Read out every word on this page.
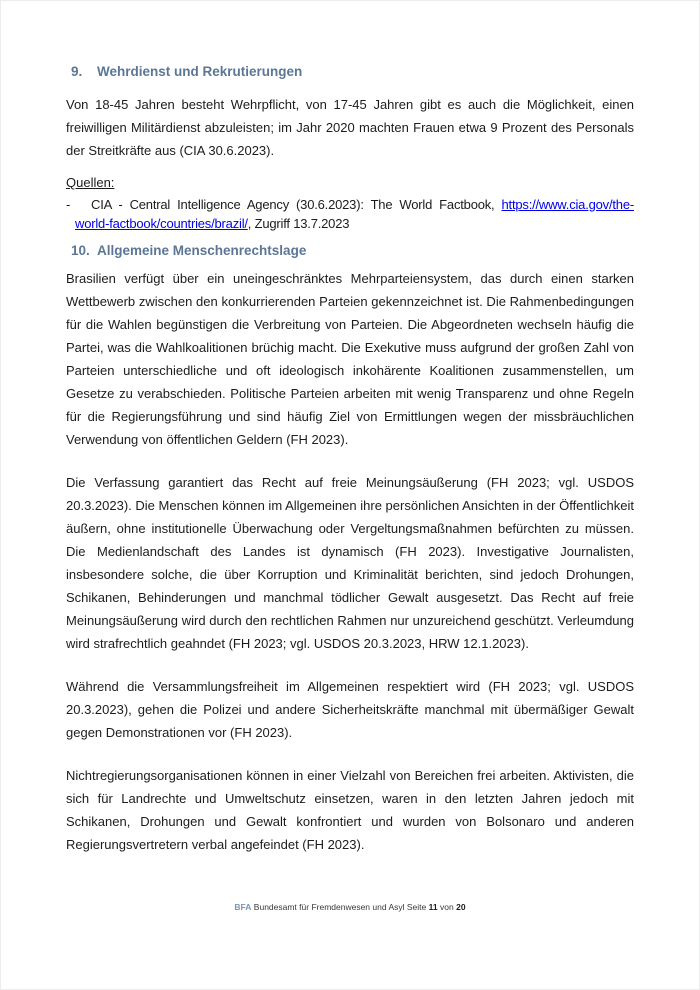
9. Wehrdienst und Rekrutierungen

Von 18-45 Jahren besteht Wehrpflicht, von 17-45 Jahren gibt es auch die Möglichkeit, einen freiwilligen Militärdienst abzuleisten; im Jahr 2020 machten Frauen etwa 9 Prozent des Personals der Streitkräfte aus (CIA 30.6.2023).

Quellen:
- CIA - Central Intelligence Agency (30.6.2023): The World Factbook, https://www.cia.gov/the-world-factbook/countries/brazil/, Zugriff 13.7.2023
10. Allgemeine Menschenrechtslage

Brasilien verfügt über ein uneingeschränktes Mehrparteiensystem, das durch einen starken Wettbewerb zwischen den konkurrierenden Parteien gekennzeichnet ist. Die Rahmenbedingungen für die Wahlen begünstigen die Verbreitung von Parteien. Die Abgeordneten wechseln häufig die Partei, was die Wahlkoalitionen brüchig macht. Die Exekutive muss aufgrund der großen Zahl von Parteien unterschiedliche und oft ideologisch inkohärente Koalitionen zusammenstellen, um Gesetze zu verabschieden. Politische Parteien arbeiten mit wenig Transparenz und ohne Regeln für die Regierungsführung und sind häufig Ziel von Ermittlungen wegen der missbräuchlichen Verwendung von öffentlichen Geldern (FH 2023).

Die Verfassung garantiert das Recht auf freie Meinungsäußerung (FH 2023; vgl. USDOS 20.3.2023). Die Menschen können im Allgemeinen ihre persönlichen Ansichten in der Öffentlichkeit äußern, ohne institutionelle Überwachung oder Vergeltungsmaßnahmen befürchten zu müssen. Die Medienlandschaft des Landes ist dynamisch (FH 2023). Investigative Journalisten, insbesondere solche, die über Korruption und Kriminalität berichten, sind jedoch Drohungen, Schikanen, Behinderungen und manchmal tödlicher Gewalt ausgesetzt. Das Recht auf freie Meinungsäußerung wird durch den rechtlichen Rahmen nur unzureichend geschützt. Verleumdung wird strafrechtlich geahndet (FH 2023; vgl. USDOS 20.3.2023, HRW 12.1.2023).

Während die Versammlungsfreiheit im Allgemeinen respektiert wird (FH 2023; vgl. USDOS 20.3.2023), gehen die Polizei und andere Sicherheitskräfte manchmal mit übermäßiger Gewalt gegen Demonstrationen vor (FH 2023).

Nichtregierungsorganisationen können in einer Vielzahl von Bereichen frei arbeiten. Aktivisten, die sich für Landrechte und Umweltschutz einsetzen, waren in den letzten Jahren jedoch mit Schikanen, Drohungen und Gewalt konfrontiert und wurden von Bolsonaro und anderen Regierungsvertretern verbal angefeindet (FH 2023).

BFA Bundesamt für Fremdenwesen und Asyl Seite 11 von 20
